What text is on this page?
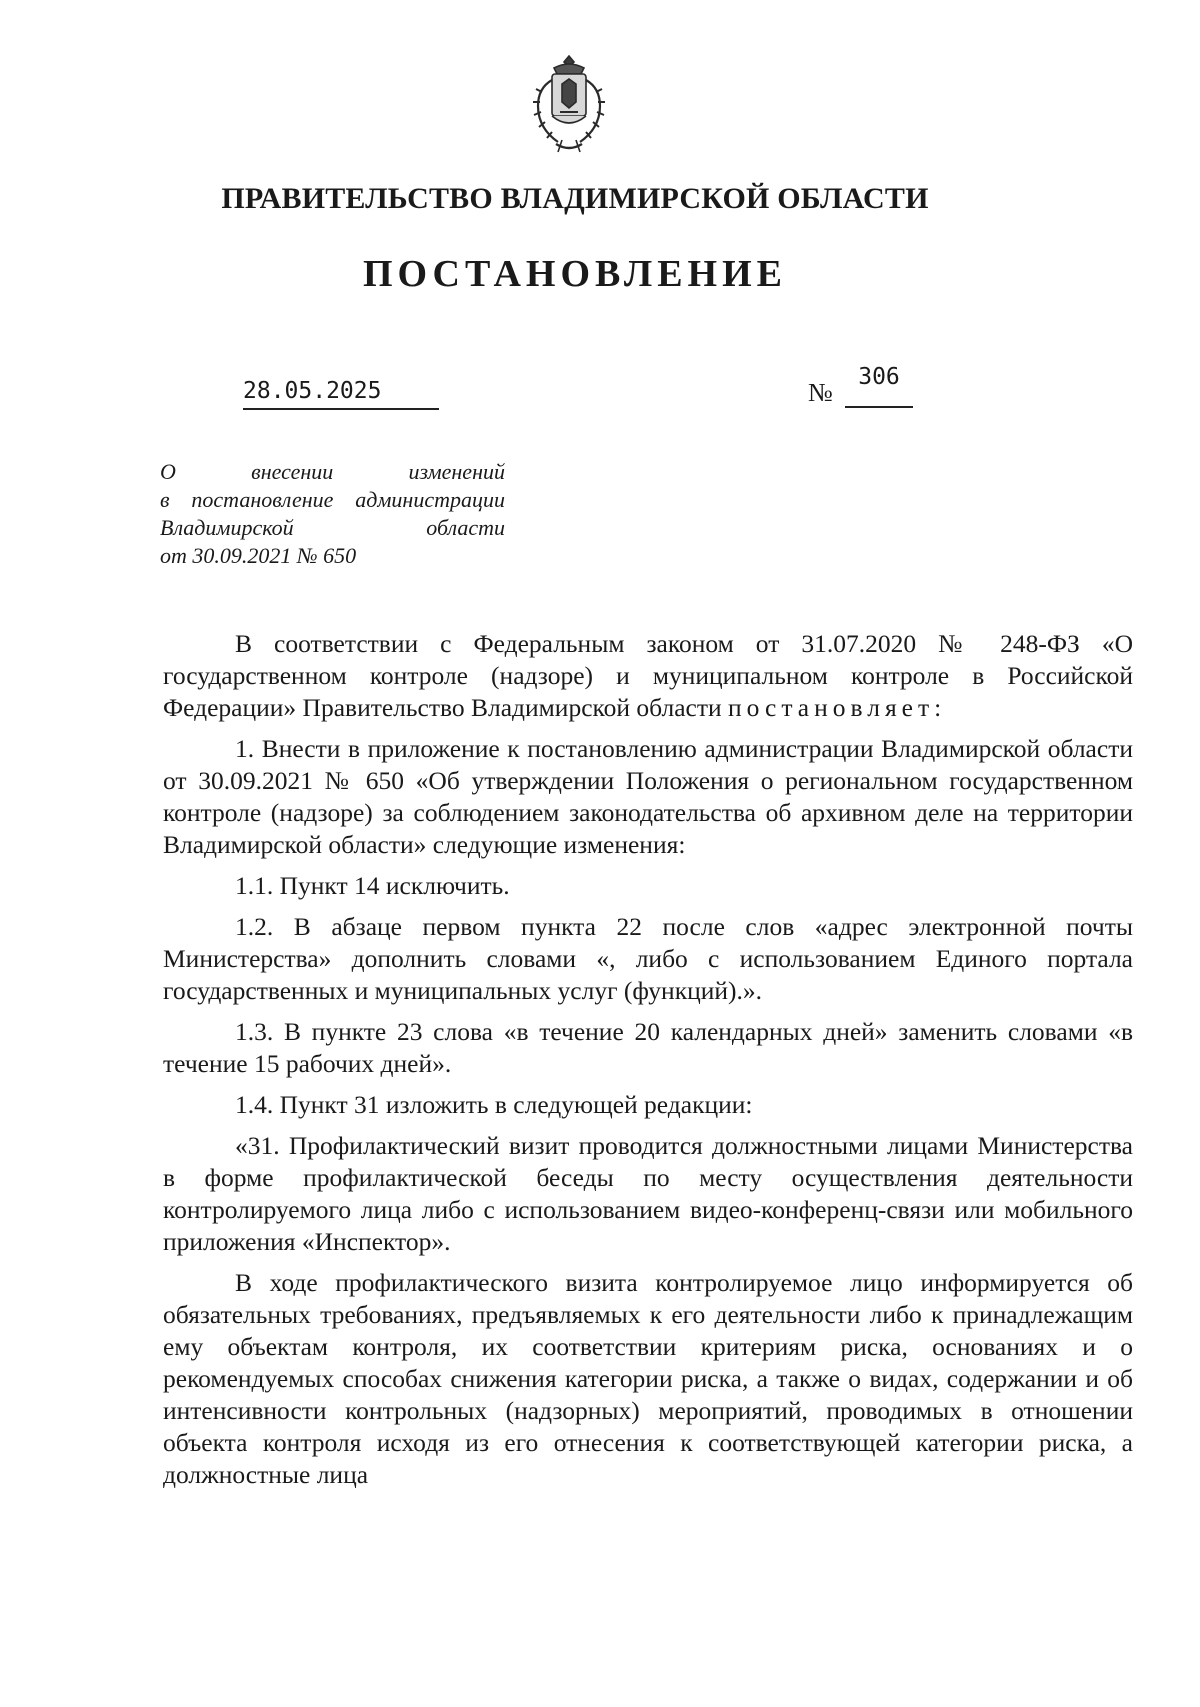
ПРАВИТЕЛЬСТВО ВЛАДИМИРСКОЙ ОБЛАСТИ
ПОСТАНОВЛЕНИЕ
28.05.2025	№
306
О внесении изменений
в постановление администрации
Владимирской области
от 30.09.2021 № 650

В соответствии с Федеральным законом от 31.07.2020 № 248-ФЗ «О государственном контроле (надзоре) и муниципальном контроле в Российской Федерации» Правительство Владимирской области постановляет:

1. Внести в приложение к постановлению администрации Владимирской области от 30.09.2021 № 650 «Об утверждении Положения о региональном государственном контроле (надзоре) за соблюдением законодательства об архивном деле на территории Владимирской области» следующие изменения:

1.1. Пункт 14 исключить.

1.2. В абзаце первом пункта 22 после слов «адрес электронной почты Министерства» дополнить словами «, либо с использованием Единого портала государственных и муниципальных услуг (функций).».

1.3. В пункте 23 слова «в течение 20 календарных дней» заменить словами «в течение 15 рабочих дней».

1.4. Пункт 31 изложить в следующей редакции:

«31. Профилактический визит проводится должностными лицами Министерства в форме профилактической беседы по месту осуществления деятельности контролируемого лица либо с использованием видео-конференц-связи или мобильного приложения «Инспектор».

В ходе профилактического визита контролируемое лицо информируется об обязательных требованиях, предъявляемых к его деятельности либо к принадлежащим ему объектам контроля, их соответствии критериям риска, основаниях и о рекомендуемых способах снижения категории риска, а также о видах, содержании и об интенсивности контрольных (надзорных) мероприятий, проводимых в отношении объекта контроля исходя из его отнесения к соответствующей категории риска, а должностные лица
